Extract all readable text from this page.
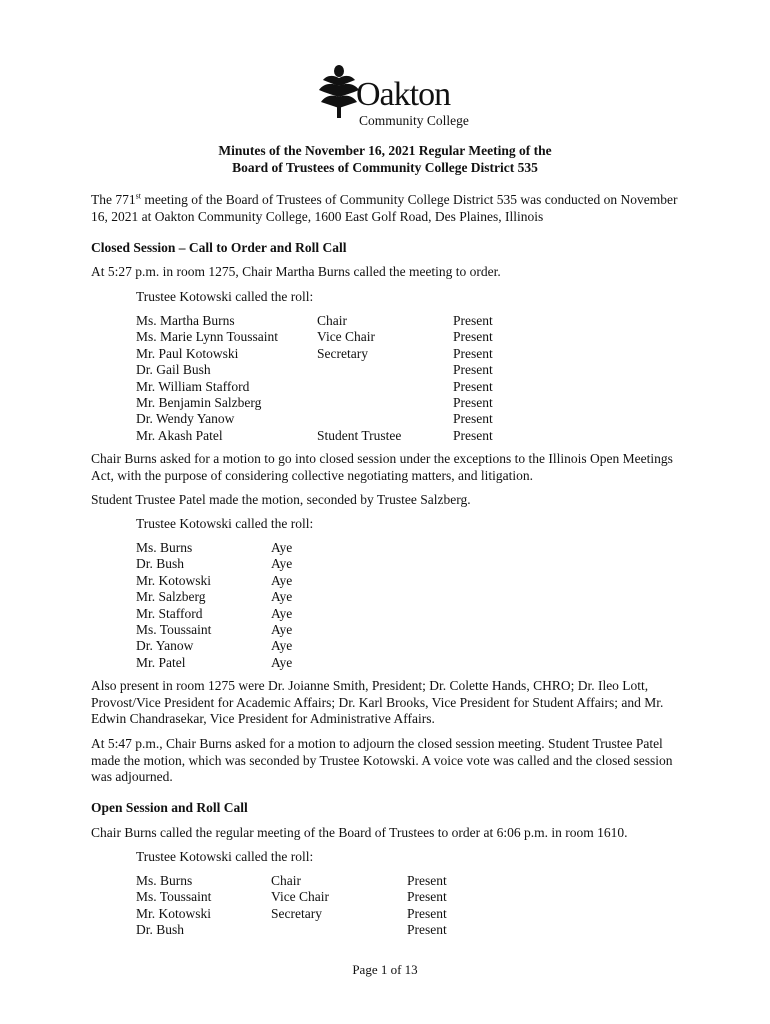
Oakton
Community College
Minutes of the November 16, 2021 Regular Meeting of the
Board of Trustees of Community College District 535
The 771st meeting of the Board of Trustees of Community College District 535 was conducted on November 16, 2021 at Oakton Community College, 1600 East Golf Road, Des Plaines, Illinois
Closed Session – Call to Order and Roll Call
At 5:27 p.m. in room 1275, Chair Martha Burns called the meeting to order.
Trustee Kotowski called the roll:
Ms. Martha Burns	Chair	Present
Ms. Marie Lynn Toussaint	Vice Chair	Present
Mr. Paul Kotowski	Secretary	Present
Dr. Gail Bush		Present
Mr. William Stafford		Present
Mr. Benjamin Salzberg		Present
Dr. Wendy Yanow		Present
Mr. Akash Patel	Student Trustee	Present
Chair Burns asked for a motion to go into closed session under the exceptions to the Illinois Open Meetings Act, with the purpose of considering collective negotiating matters, and litigation.
Student Trustee Patel made the motion, seconded by Trustee Salzberg.
Trustee Kotowski called the roll:
Ms. Burns	Aye
Dr. Bush	Aye
Mr. Kotowski	Aye
Mr. Salzberg	Aye
Mr. Stafford	Aye
Ms. Toussaint	Aye
Dr. Yanow	Aye
Mr. Patel	Aye
Also present in room 1275 were Dr. Joianne Smith, President; Dr. Colette Hands, CHRO; Dr. Ileo Lott, Provost/Vice President for Academic Affairs; Dr. Karl Brooks, Vice President for Student Affairs; and Mr. Edwin Chandrasekar, Vice President for Administrative Affairs.
At 5:47 p.m., Chair Burns asked for a motion to adjourn the closed session meeting. Student Trustee Patel made the motion, which was seconded by Trustee Kotowski. A voice vote was called and the closed session was adjourned.
Open Session and Roll Call
Chair Burns called the regular meeting of the Board of Trustees to order at 6:06 p.m. in room 1610.
Trustee Kotowski called the roll:
Ms. Burns	Chair	Present
Ms. Toussaint	Vice Chair	Present
Mr. Kotowski	Secretary	Present
Dr. Bush		Present
Page 1 of 13
